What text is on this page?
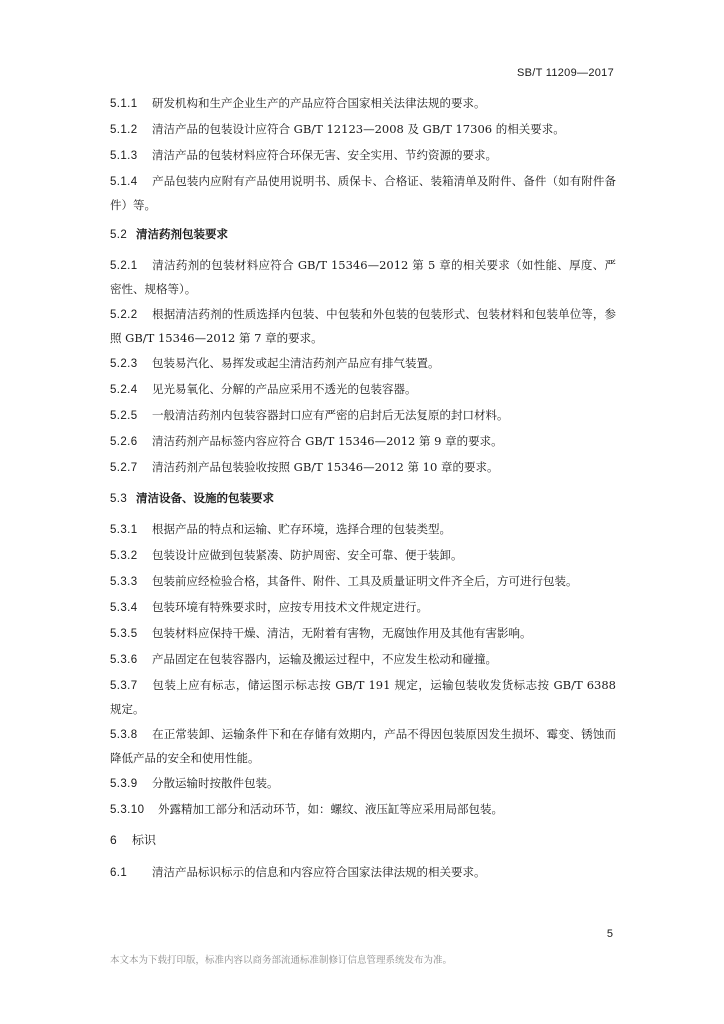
SB/T 11209—2017

5.1.1 研发机构和生产企业生产的产品应符合国家相关法律法规的要求。

5.1.2 清洁产品的包装设计应符合 GB/T 12123—2008 及 GB/T 17306 的相关要求。

5.1.3 清洁产品的包装材料应符合环保无害、安全实用、节约资源的要求。

5.1.4 产品包装内应附有产品使用说明书、质保卡、合格证、装箱清单及附件、备件（如有附件备件）等。

5.2 清洁药剂包装要求

5.2.1 清洁药剂的包装材料应符合 GB/T 15346—2012 第 5 章的相关要求（如性能、厚度、严密性、规格等）。

5.2.2 根据清洁药剂的性质选择内包装、中包装和外包装的包装形式、包装材料和包装单位等，参照 GB/T 15346—2012 第 7 章的要求。

5.2.3 包装易汽化、易挥发或起尘清洁药剂产品应有排气装置。

5.2.4 见光易氧化、分解的产品应采用不透光的包装容器。

5.2.5 一般清洁药剂内包装容器封口应有严密的启封后无法复原的封口材料。

5.2.6 清洁药剂产品标签内容应符合 GB/T 15346—2012 第 9 章的要求。

5.2.7 清洁药剂产品包装验收按照 GB/T 15346—2012 第 10 章的要求。

5.3 清洁设备、设施的包装要求

5.3.1 根据产品的特点和运输、贮存环境，选择合理的包装类型。

5.3.2 包装设计应做到包装紧凑、防护周密、安全可靠、便于装卸。

5.3.3 包装前应经检验合格，其备件、附件、工具及质量证明文件齐全后，方可进行包装。

5.3.4 包装环境有特殊要求时，应按专用技术文件规定进行。

5.3.5 包装材料应保持干燥、清洁，无附着有害物，无腐蚀作用及其他有害影响。

5.3.6 产品固定在包装容器内，运输及搬运过程中，不应发生松动和碰撞。

5.3.7 包装上应有标志，储运图示标志按 GB/T 191 规定，运输包装收发货标志按 GB/T 6388 规定。

5.3.8 在正常装卸、运输条件下和在存储有效期内，产品不得因包装原因发生损坏、霉变、锈蚀而降低产品的安全和使用性能。

5.3.9 分散运输时按散件包装。

5.3.10 外露精加工部分和活动环节，如：螺纹、液压缸等应采用局部包装。

6 标识

6.1 清洁产品标识标示的信息和内容应符合国家法律法规的相关要求。

5
本文本为下载打印版，标准内容以商务部流通标准制修订信息管理系统发布为准。
